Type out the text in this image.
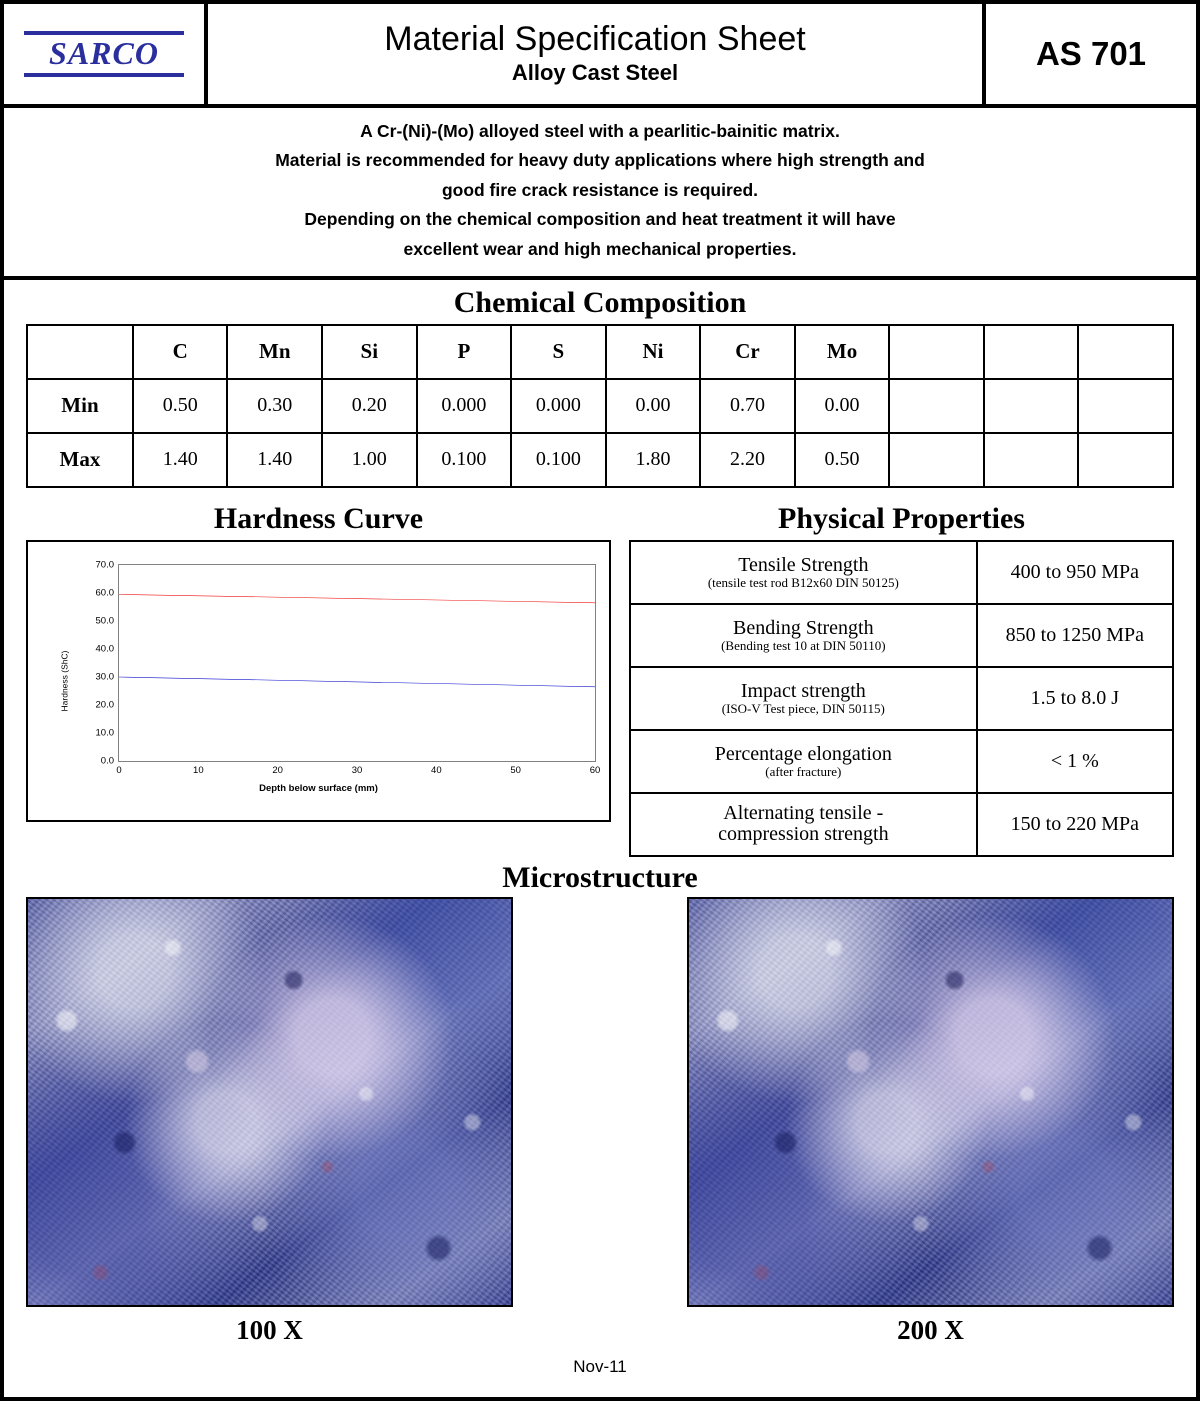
SARCO	Material Specification Sheet
Alloy Cast Steel
AS 701
A Cr-(Ni)-(Mo) alloyed steel with a pearlitic-bainitic matrix.
Material is recommended for heavy duty applications where high strength and
good fire crack resistance is required.
Depending on the chemical composition and heat treatment it will have
excellent wear and high mechanical properties.
Chemical Composition
	C	Mn	Si	P	S	Ni	Cr	Mo			
Min	0.50	0.30	0.20	0.000	0.000	0.00	0.70	0.00			
Max	1.40	1.40	1.00	0.100	0.100	1.80	2.20	0.50			
Hardness Curve
Hardness (ShC)
0.0
10.0
20.0
30.0
40.0
50.0
60.0
70.0
0	10	20	30	40	50	60
Depth below surface (mm)
Physical Properties
Tensile Strength
(tensile test rod B12x60 DIN 50125)	400 to 950 MPa

Bending Strength
(Bending test 10 at DIN 50110)	850 to 1250 MPa

Impact strength
(ISO-V Test piece, DIN 50115)	1.5 to 8.0 J

Percentage elongation
(after fracture)	< 1 %

Alternating tensile -
compression strength	150 to 220 MPa
Microstructure
100 X	200 X
Nov-11
